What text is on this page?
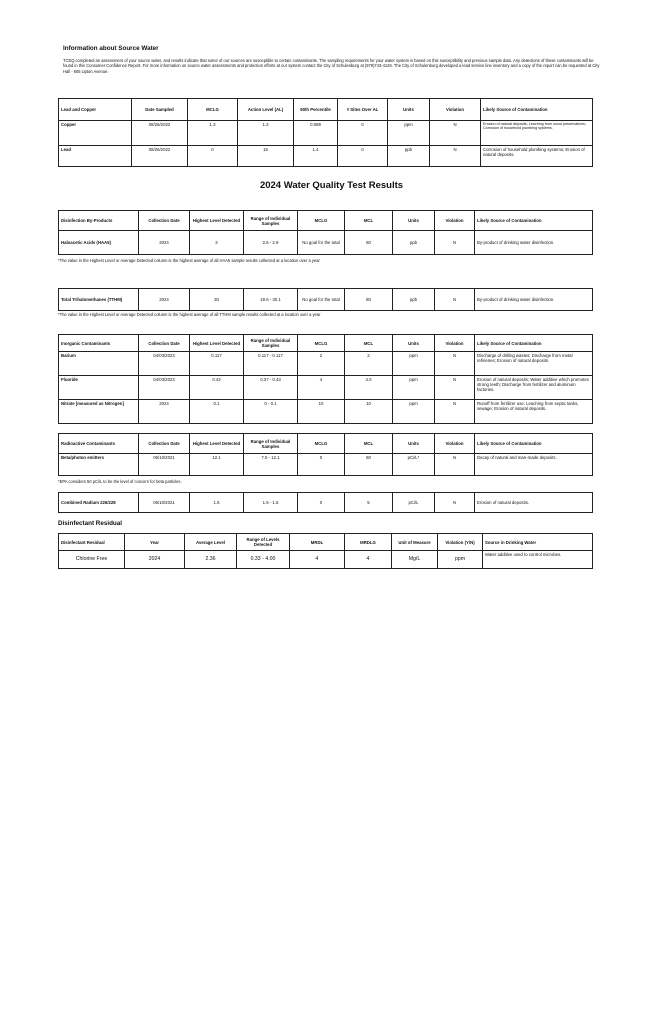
Information about Source Water
TCEQ completed an assessment of your source water, and results indicate that some of our sources are susceptible to certain contaminants. The sampling requirements for your water system is based on this susceptibility and previous sample data. Any detections of these contaminants will be found in this Consumer Confidence Report. For more information on source water assessments and protection efforts at our system contact the City of Schulenburg at (979)743-4126. The City of Schulenburg developed a lead service line inventory and a copy of the report can be requested at City Hall - 605 Upton Avenue.
Lead and Copper	Date Sampled	MCLG	Action Level (AL)	90th Percentile	# Sites Over AL	Units	Violation	Likely Source of Contamination
Copper	08/26/2022	1.3	1.3	0.089	0	ppm	N	Erosion of natural deposits; Leaching from wood preservatives; Corrosion of household plumbing systems.
Lead	08/26/2022	0	15	1.4	0	ppb	N	Corrosion of household plumbing systems; Erosion of natural deposits.
2024 Water Quality Test Results
Disinfection By-Products	Collection Date	Highest Level Detected	Range of Individual Samples	MCLG	MCL	Units	Violation	Likely Source of Contamination
Haloacetic Acids (HAA5)	2024	3	2.6 - 2.9	No goal for the total	60	ppb	N	By-product of drinking water disinfection.
*The value in the Highest Level or Average Detected column is the highest average of all HAA5 sample results collected at a location over a year
Total Trihalomethanes (TTHM)	2024	30	19.6 - 30.1	No goal for the total	80	ppb	N	By-product of drinking water disinfection.
*The value in the Highest Level or Average Detected column is the highest average of all TTHM sample results collected at a location over a year
Inorganic Contaminants	Collection Date	Highest Level Detected	Range of Individual Samples	MCLG	MCL	Units	Violation	Likely Source of Contamination
Barium	04/03/2023	0.117	0.117 - 0.117	2	2	ppm	N	Discharge of drilling wastes; Discharge from metal refineries; Erosion of natural deposits.
Fluoride	04/03/2023	0.43	0.37 - 0.43	4	4.0	ppm	N	Erosion of natural deposits; Water additive which promotes strong teeth; Discharge from fertilizer and aluminum factories.
Nitrate [measured as Nitrogen]	2024	0.1	0 - 0.1	10	10	ppm	N	Runoff from fertilizer use; Leaching from septic tanks, sewage; Erosion of natural deposits.
Radioactive Contaminants	Collection Date	Highest Level Detected	Range of Individual Samples	MCLG	MCL	Units	Violation	Likely Source of Contamination
Beta/photon emitters	06/10/2021	12.1	7.5 - 12.1	0	50	pCi/L*	N	Decay of natural and man-made deposits.
*EPA considers 50 pCi/L to be the level of concern for beta particles.
Combined Radium 226/228	06/10/2021	1.5	1.5 - 1.5	0	5	pCi/L	N	Erosion of natural deposits.
Disinfectant Residual
Disinfectant Residual	Year	Average Level	Range of Levels Detected	MRDL	MRDLG	Unit of Measure	Violation (Y/N)	Source in Drinking Water
Chlorine Free	2024	2.36	0.33 - 4.00	4	4	Mg/L	ppm	Water additive used to control microbes.
